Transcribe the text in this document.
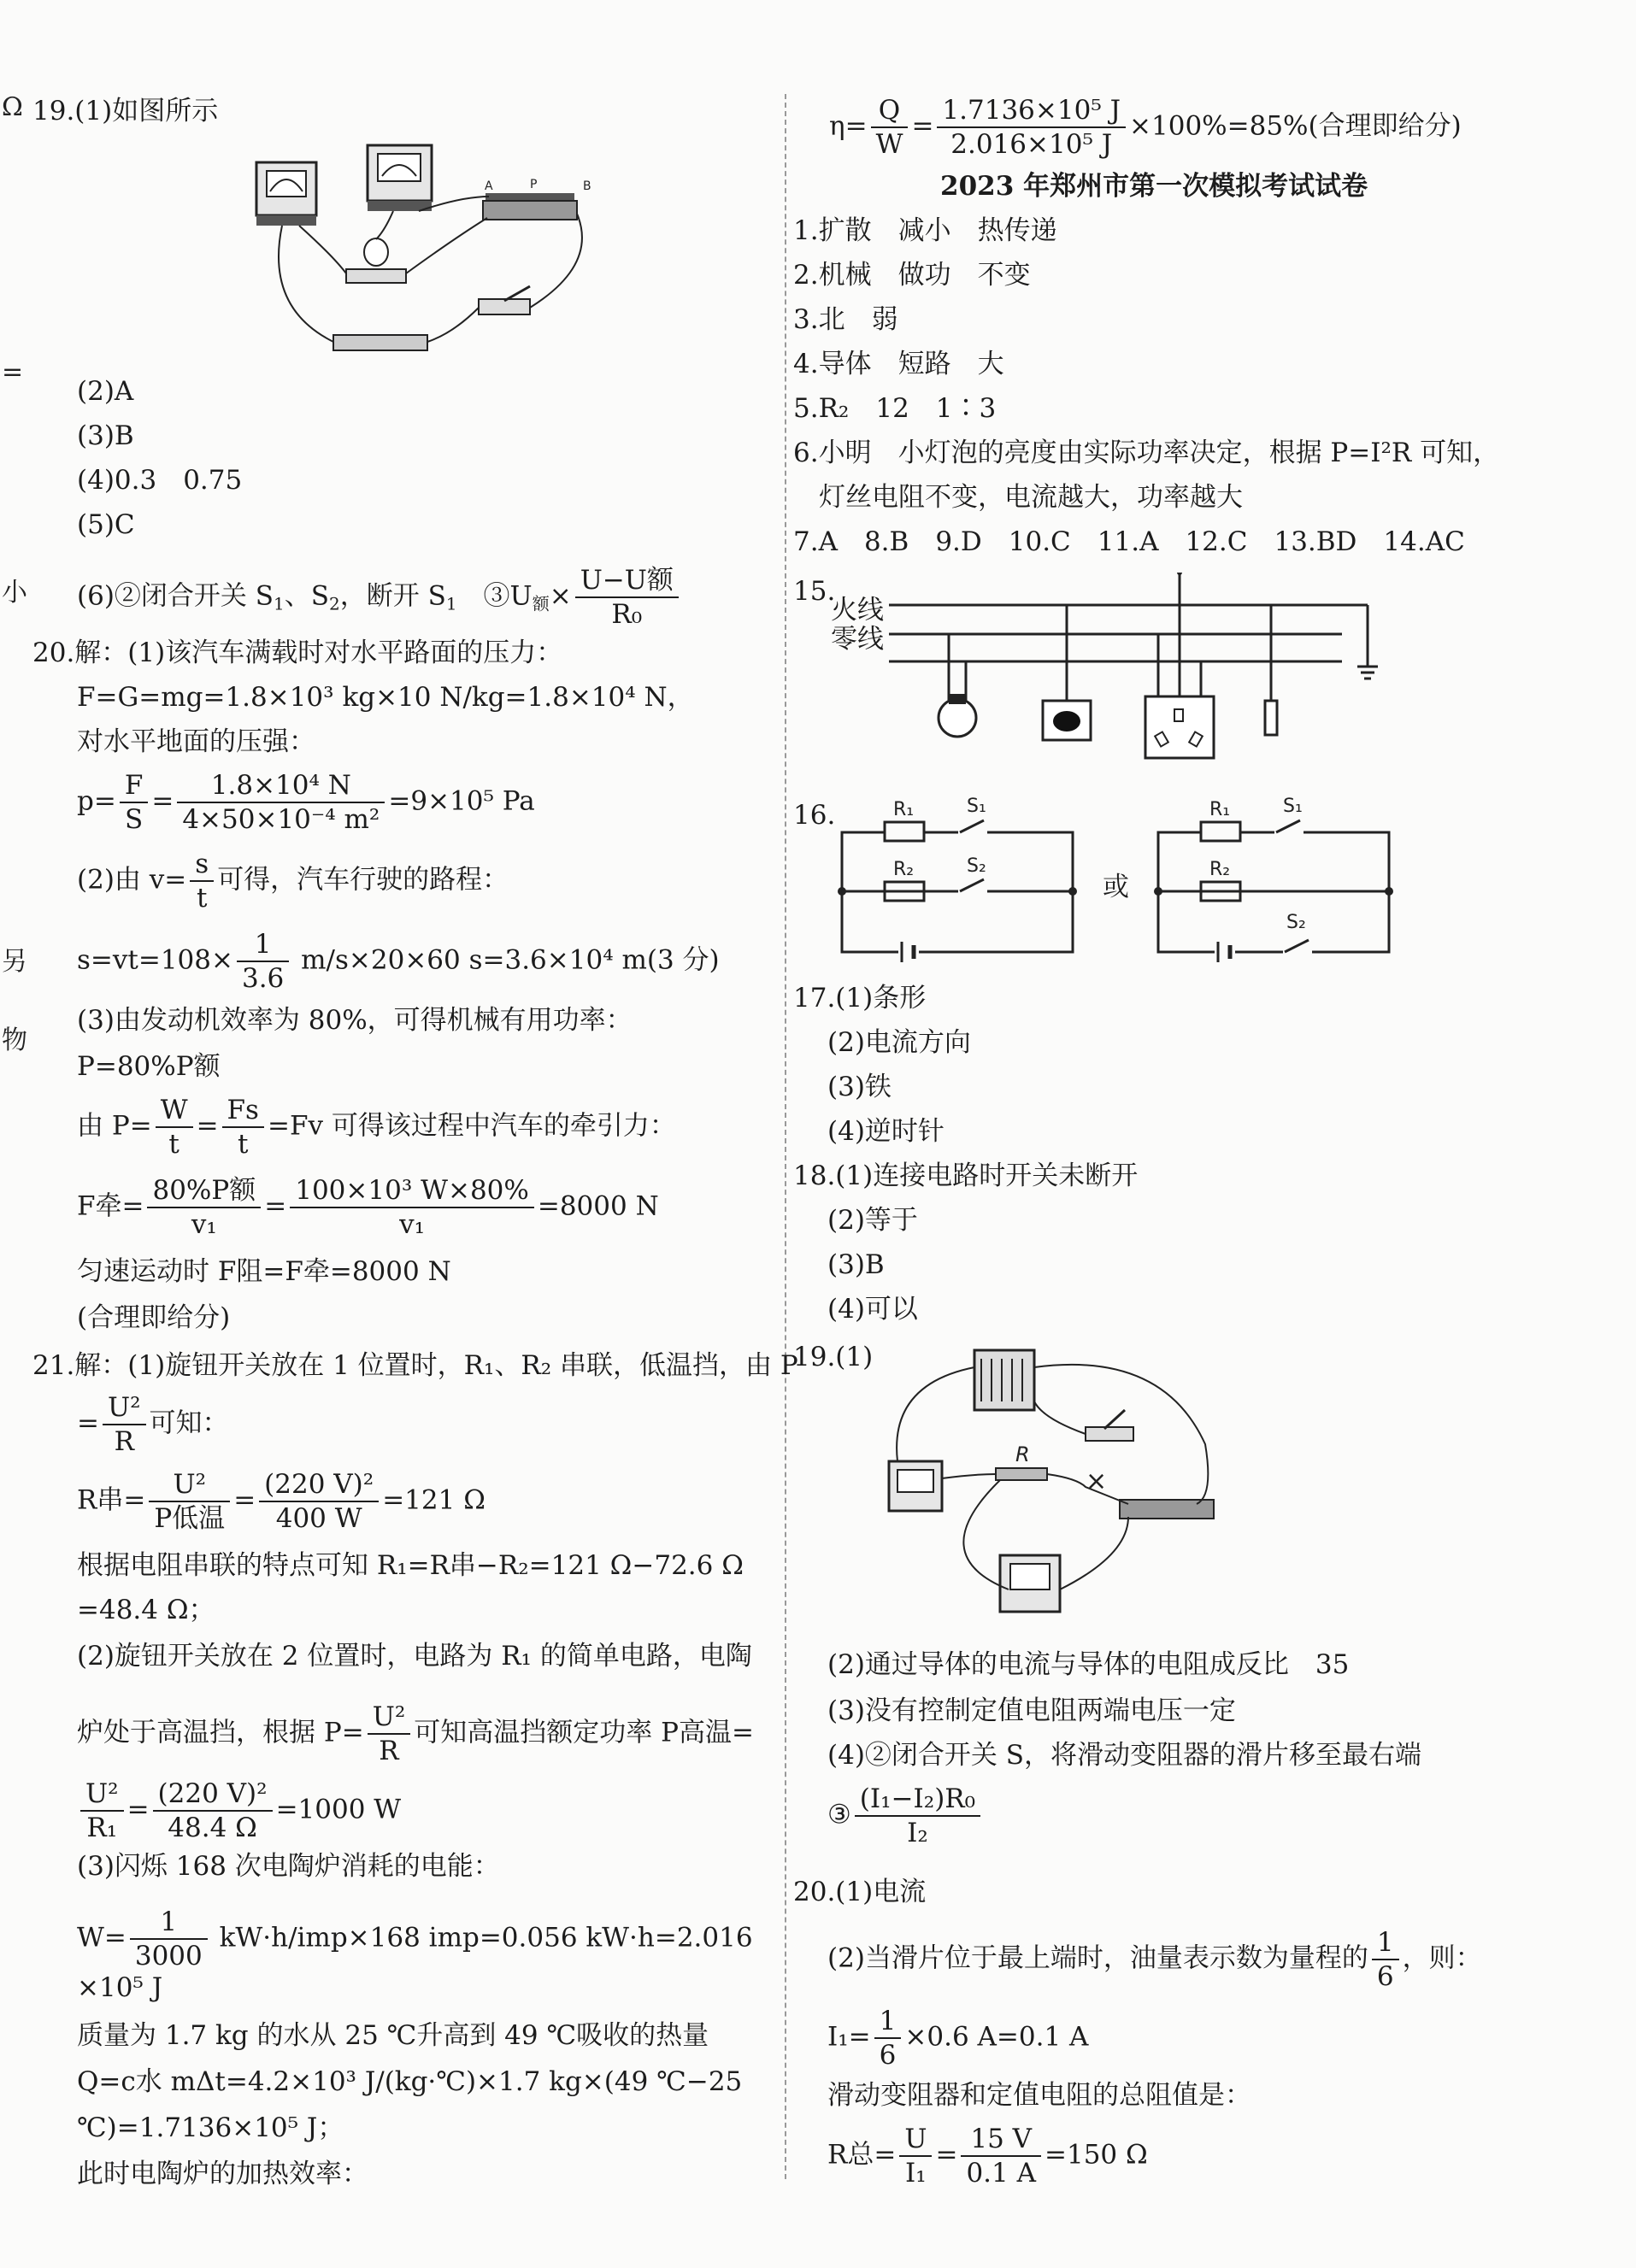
Ω
=
小
另
物
19.(1)如图所示
A	P	B
(2)A
(3)B
(4)0.3　0.75
(5)C
(6)②闭合开关 $S_1$、$S_2$，断开 $S_1$　$③U_额\times \frac{\text{U−U额}}{\text{R₀}}$
20.解：(1)该汽车满载时对水平路面的压力：
F=G=mg=1.8×10³ kg×10 N/kg=1.8×10⁴ N，
对水平地面的压强：
$p= \frac{F}{S} = \frac{\text{1.8×10⁴ N}}{\text{4×50×10⁻⁴ m²}} =9\times 10^5$ Pa
(2)由 $v= \frac{s}{t}$ 可得，汽车行驶的路程：
$s=vt=108\times \frac{1}{3.6} m/s\times 20\times 60$ s=3.6×10⁴ m(3 分)
(3)由发动机效率为 80%，可得机械有用功率：
P=80%P额
由 $P= \frac{W}{t} = \frac{Fs}{t} =Fv$ 可得该过程中汽车的牵引力：
F牵= $\frac{\text{80\%P额}}{\text{v₁}} = \frac{\text{100×10³ W×80\%}}{\text{v₁}} =8000$ N
匀速运动时 F阻=F牵=8000 N
(合理即给分)
21.解：(1)旋钮开关放在 1 位置时，R₁、R₂ 串联，低温挡，由 P
= $\frac{\text{U²}}{R}$ 可知：
R串= $\frac{\text{U²}}{\text{P低温}} = \frac{\text{(220 V)²}}{400 W} =121$ Ω
根据电阻串联的特点可知 R₁=R串−R₂=121 Ω−72.6 Ω
=48.4 Ω；
(2)旋钮开关放在 2 位置时，电路为 R₁ 的简单电路，电陶
炉处于高温挡，根据 $P= \frac{\text{U²}}{R}$ 可知高温挡额定功率 P高温=
$\frac{\text{U²}}{\text{R₁}} = \frac{\text{(220 V)²}}{48.4 \Omega} =1000$ W
(3)闪烁 168 次电陶炉消耗的电能：
$W= \frac{1}{3000} kW\cdot h/imp\times 168$ imp=0.056 kW·h=2.016
×10⁵ J
质量为 1.7 kg 的水从 25 ℃升高到 49 ℃吸收的热量
Q=c水 mΔt=4.2×10³ J/(kg·℃)×1.7 kg×(49 ℃−25
℃)=1.7136×10⁵ J；
此时电陶炉的加热效率：
$\eta= \frac{Q}{W} = \frac{\text{1.7136×10⁵ J}}{\text{2.016×10⁵ J}} \times 100\%=85\%$(合理即给分)
2023 年郑州市第一次模拟考试试卷
1.扩散　减小　热传递
2.机械　做功　不变
3.北　弱
4.导体　短路　大
5.R₂　12　1∶3
6.小明　小灯泡的亮度由实际功率决定，根据 P=I²R 可知，
灯丝电阻不变，电流越大，功率越大
7.A　8.B　9.D　10.C　11.A　12.C　13.BD　14.AC
15.
火线
零线
16.	R₁
R₂
S₁
S₂
或
R₁
R₂
S₁
S₂
17.(1)条形
(2)电流方向
(3)铁
(4)逆时针
18.(1)连接电路时开关未断开
(2)等于
(3)B
(4)可以
19.(1)
R
×
(2)通过导体的电流与导体的电阻成反比　35
(3)没有控制定值电阻两端电压一定
(4)②闭合开关 S，将滑动变阻器的滑片移至最右端
③ $\frac{\text{(I₁−I₂)R₀}}{\text{I₂}}$
20.(1)电流
(2)当滑片位于最上端时，油量表示数为量程的 $\frac{1}{6}$ ，则：
$I_1= \frac{1}{6} \times 0.6$ A=0.1 A
滑动变阻器和定值电阻的总阻值是：
R总= $\frac{U}{\text{I₁}} = \frac{15 V}{0.1 A} =150$ Ω
